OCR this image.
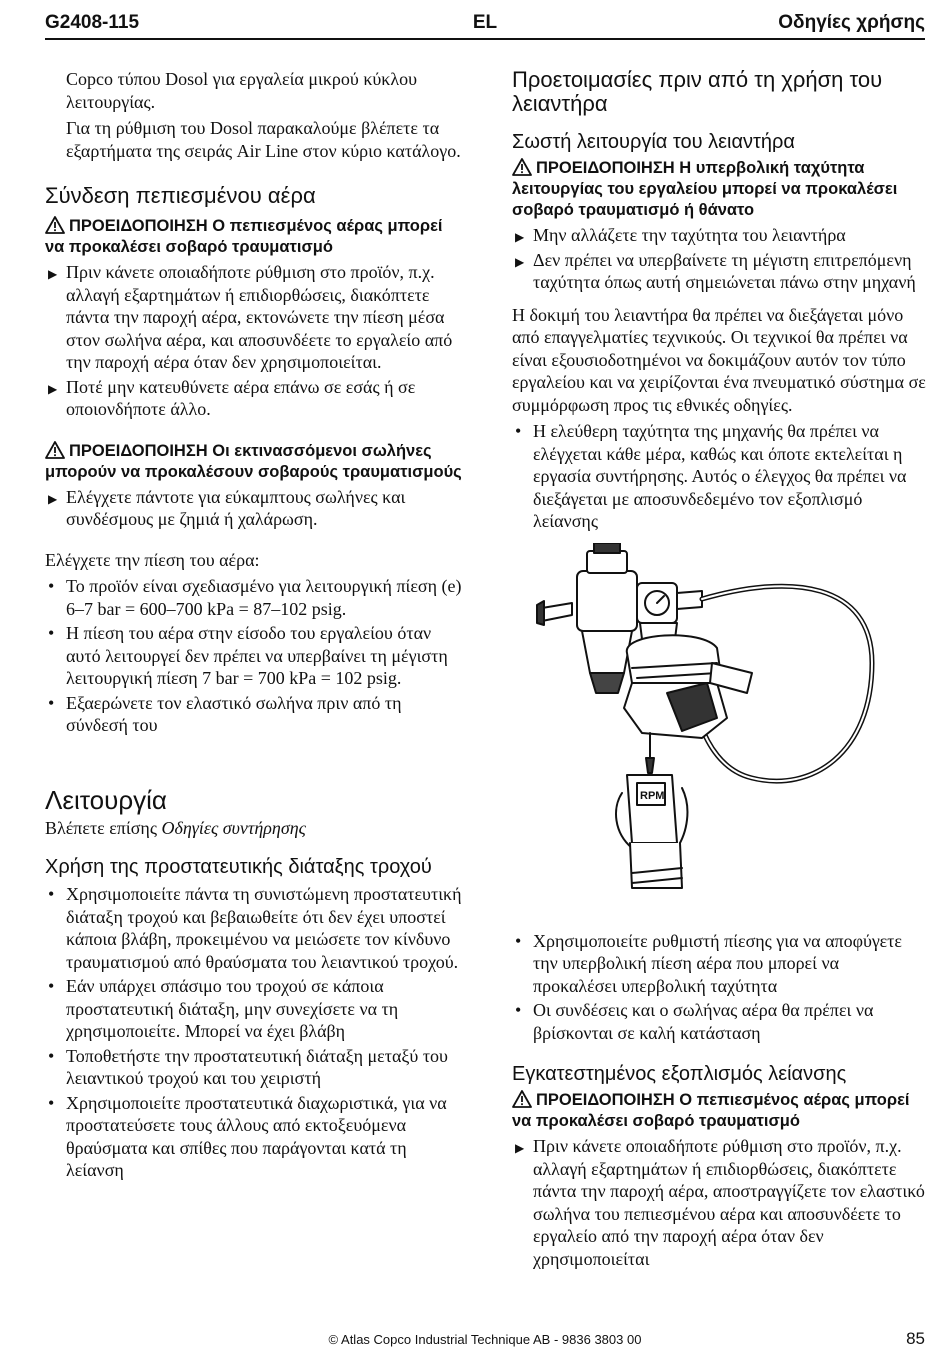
G2408-115	EL	Οδηγίες χρήσης

Copco τύπου Dosol για εργαλεία μικρού κύκλου λειτουργίας.

Για τη ρύθμιση του Dosol παρακαλούμε βλέπετε τα εξαρτήματα της σειράς Air Line στον κύριο κατάλογο.

Σύνδεση πεπιεσμένου αέρα

ΠΡΟΕΙΔΟΠΟΙΗΣΗ Ο πεπιεσμένος αέρας μπορεί να προκαλέσει σοβαρό τραυματισμό

▶ Πριν κάνετε οποιαδήποτε ρύθμιση στο προϊόν, π.χ. αλλαγή εξαρτημάτων ή επιδιορθώσεις, διακόπτετε πάντα την παροχή αέρα, εκτονώνετε την πίεση μέσα στον σωλήνα αέρα, και αποσυνδέετε το εργαλείο από την παροχή αέρα όταν δεν χρησιμοποιείται.
▶ Ποτέ μην κατευθύνετε αέρα επάνω σε εσάς ή σε οποιονδήποτε άλλο.

ΠΡΟΕΙΔΟΠΟΙΗΣΗ Οι εκτινασσόμενοι σωλήνες μπορούν να προκαλέσουν σοβαρούς τραυματισμούς

▶ Ελέγχετε πάντοτε για εύκαμπτους σωλήνες και συνδέσμους με ζημιά ή χαλάρωση.

Ελέγχετε την πίεση του αέρα:

• Το προϊόν είναι σχεδιασμένο για λειτουργική πίεση (e) 6–7 bar = 600–700 kPa = 87–102 psig.
• Η πίεση του αέρα στην είσοδο του εργαλείου όταν αυτό λειτουργεί δεν πρέπει να υπερβαίνει τη μέγιστη λειτουργική πίεση 7 bar = 700 kPa = 102 psig.
• Εξαερώνετε τον ελαστικό σωλήνα πριν από τη σύνδεσή του
Λειτουργία

Βλέπετε επίσης Οδηγίες συντήρησης

Χρήση της προστατευτικής διάταξης τροχού
• Χρησιμοποιείτε πάντα τη συνιστώμενη προστατευτική διάταξη τροχού και βεβαιωθείτε ότι δεν έχει υποστεί κάποια βλάβη, προκειμένου να μειώσετε τον κίνδυνο τραυματισμού από θραύσματα του λειαντικού τροχού.
• Εάν υπάρχει σπάσιμο του τροχού σε κάποια προστατευτική διάταξη, μην συνεχίσετε να τη χρησιμοποιείτε. Μπορεί να έχει βλάβη
• Τοποθετήστε την προστατευτική διάταξη μεταξύ του λειαντικού τροχού και του χειριστή
• Χρησιμοποιείτε προστατευτικά διαχωριστικά, για να προστατεύσετε τους άλλους από εκτοξευόμενα θραύσματα και σπίθες που παράγονται κατά τη λείανση
Προετοιμασίες πριν από τη χρήση του λειαντήρα
Σωστή λειτουργία του λειαντήρα

ΠΡΟΕΙΔΟΠΟΙΗΣΗ Η υπερβολική ταχύτητα λειτουργίας του εργαλείου μπορεί να προκαλέσει σοβαρό τραυματισμό ή θάνατο

▶ Μην αλλάζετε την ταχύτητα του λειαντήρα
▶ Δεν πρέπει να υπερβαίνετε τη μέγιστη επιτρεπόμενη ταχύτητα όπως αυτή σημειώνεται πάνω στην μηχανή

Η δοκιμή του λειαντήρα θα πρέπει να διεξάγεται μόνο από επαγγελματίες τεχνικούς. Οι τεχνικοί θα πρέπει να είναι εξουσιοδοτημένοι να δοκιμάζουν αυτόν τον τύπο εργαλείου και να χειρίζονται ένα πνευματικό σύστημα σε συμμόρφωση προς τις εθνικές οδηγίες.

• Η ελεύθερη ταχύτητα της μηχανής θα πρέπει να ελέγχεται κάθε μέρα, καθώς και όποτε εκτελείται η εργασία συντήρησης. Αυτός ο έλεγχος θα πρέπει να διεξάγεται με αποσυνδεδεμένο τον εξοπλισμό λείανσης
RPM
• Χρησιμοποιείτε ρυθμιστή πίεσης για να αποφύγετε την υπερβολική πίεση αέρα που μπορεί να προκαλέσει υπερβολική ταχύτητα
• Οι συνδέσεις και ο σωλήνας αέρα θα πρέπει να βρίσκονται σε καλή κατάσταση
Εγκατεστημένος εξοπλισμός λείανσης

ΠΡΟΕΙΔΟΠΟΙΗΣΗ Ο πεπιεσμένος αέρας μπορεί να προκαλέσει σοβαρό τραυματισμό

▶ Πριν κάνετε οποιαδήποτε ρύθμιση στο προϊόν, π.χ. αλλαγή εξαρτημάτων ή επιδιορθώσεις, διακόπτετε πάντα την παροχή αέρα, αποστραγγίζετε τον ελαστικό σωλήνα του πεπιεσμένου αέρα και αποσυνδέετε το εργαλείο από την παροχή αέρα όταν δεν χρησιμοποιείται
© Atlas Copco Industrial Technique AB - 9836 3803 00	85
